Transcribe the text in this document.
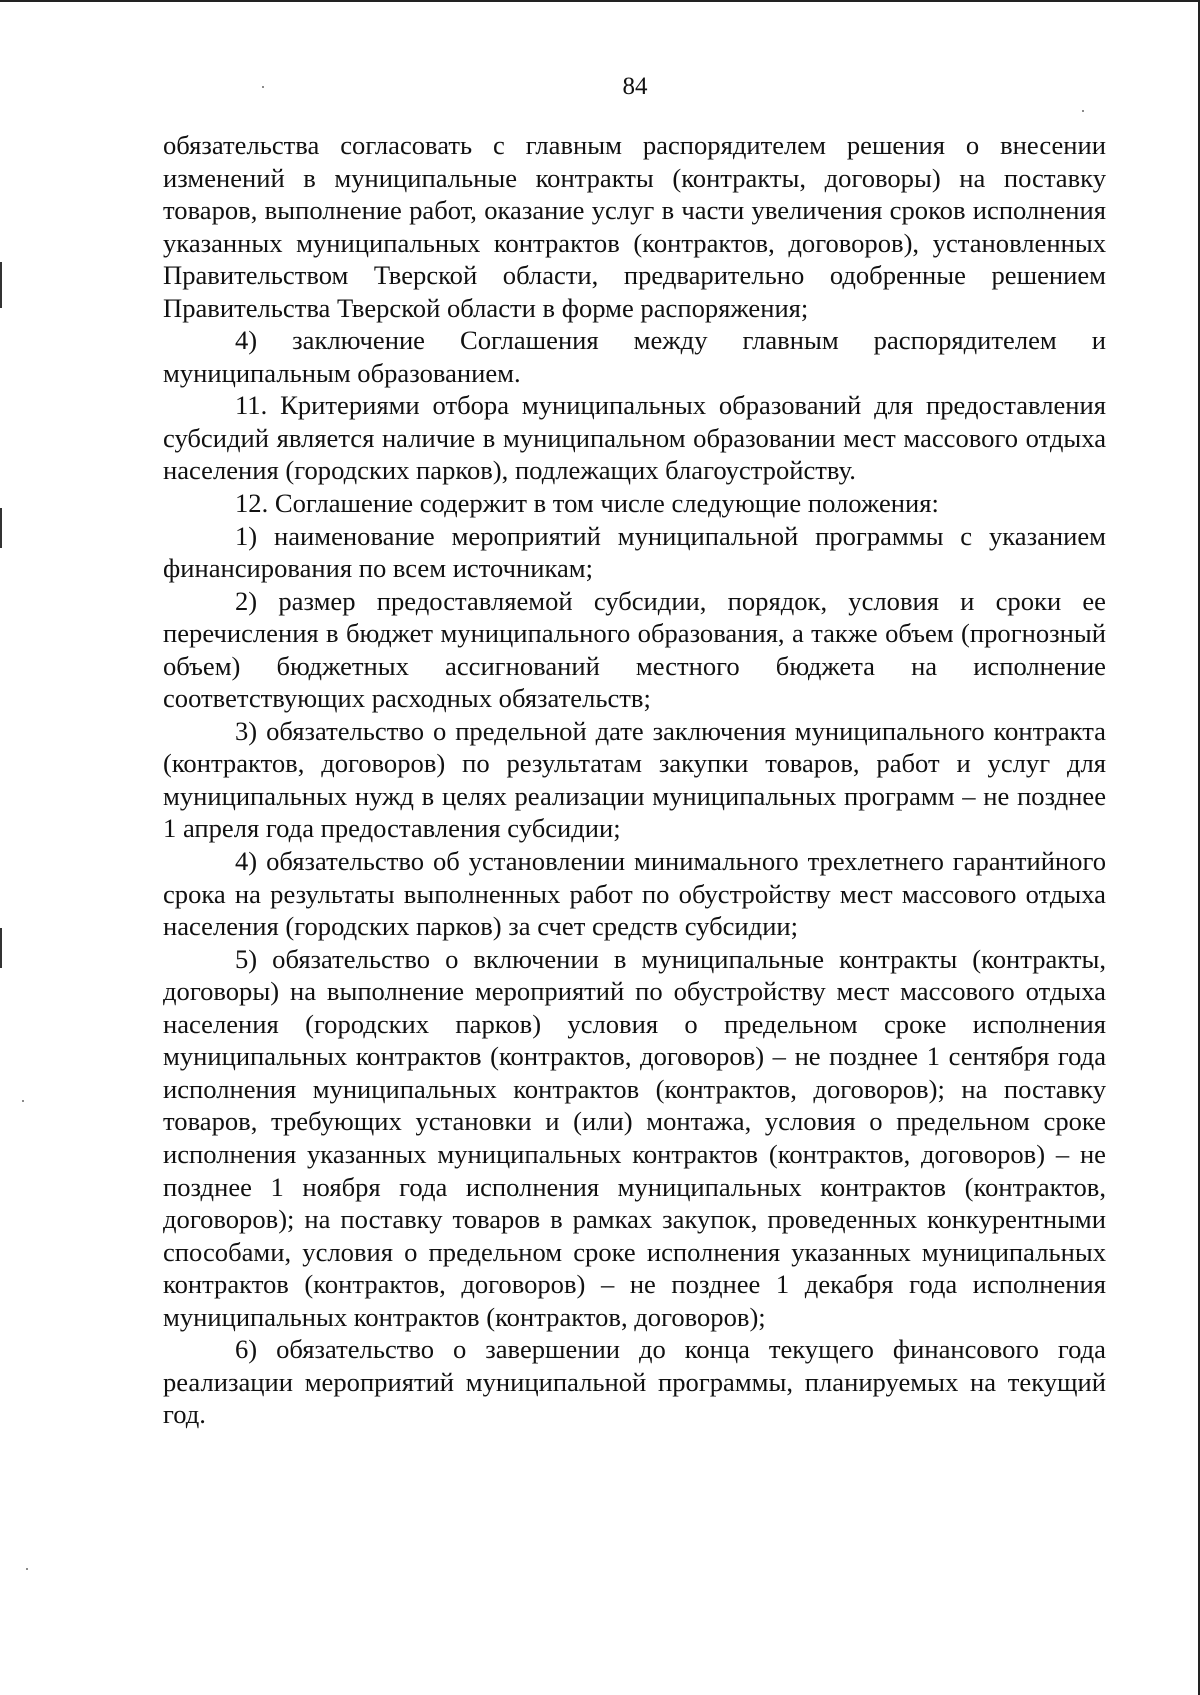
84

обязательства согласовать с главным распорядителем решения о внесении изменений в муниципальные контракты (контракты, договоры) на поставку товаров, выполнение работ, оказание услуг в части увеличения сроков исполнения указанных муниципальных контрактов (контрактов, договоров), установленных Правительством Тверской области, предварительно одобренные решением Правительства Тверской области в форме распоряжения;

4) заключение Соглашения между главным распорядителем и муниципальным образованием.

11. Критериями отбора муниципальных образований для предоставления субсидий является наличие в муниципальном образовании мест массового отдыха населения (городских парков), подлежащих благоустройству.

12. Соглашение содержит в том числе следующие положения:

1) наименование мероприятий муниципальной программы с указанием финансирования по всем источникам;

2) размер предоставляемой субсидии, порядок, условия и сроки ее перечисления в бюджет муниципального образования, а также объем (прогнозный объем) бюджетных ассигнований местного бюджета на исполнение соответствующих расходных обязательств;

3) обязательство о предельной дате заключения муниципального контракта (контрактов, договоров) по результатам закупки товаров, работ и услуг для муниципальных нужд в целях реализации муниципальных программ – не позднее 1 апреля года предоставления субсидии;

4) обязательство об установлении минимального трехлетнего гарантийного срока на результаты выполненных работ по обустройству мест массового отдыха населения (городских парков) за счет средств субсидии;

5) обязательство о включении в муниципальные контракты (контракты, договоры) на выполнение мероприятий по обустройству мест массового отдыха населения (городских парков) условия о предельном сроке исполнения муниципальных контрактов (контрактов, договоров) – не позднее 1 сентября года исполнения муниципальных контрактов (контрактов, договоров); на поставку товаров, требующих установки и (или) монтажа, условия о предельном сроке исполнения указанных муниципальных контрактов (контрактов, договоров) – не позднее 1 ноября года исполнения муниципальных контрактов (контрактов, договоров); на поставку товаров в рамках закупок, проведенных конкурентными способами, условия о предельном сроке исполнения указанных муниципальных контрактов (контрактов, договоров) – не позднее 1 декабря года исполнения муниципальных контрактов (контрактов, договоров);

6) обязательство о завершении до конца текущего финансового года реализации мероприятий муниципальной программы, планируемых на текущий год.
